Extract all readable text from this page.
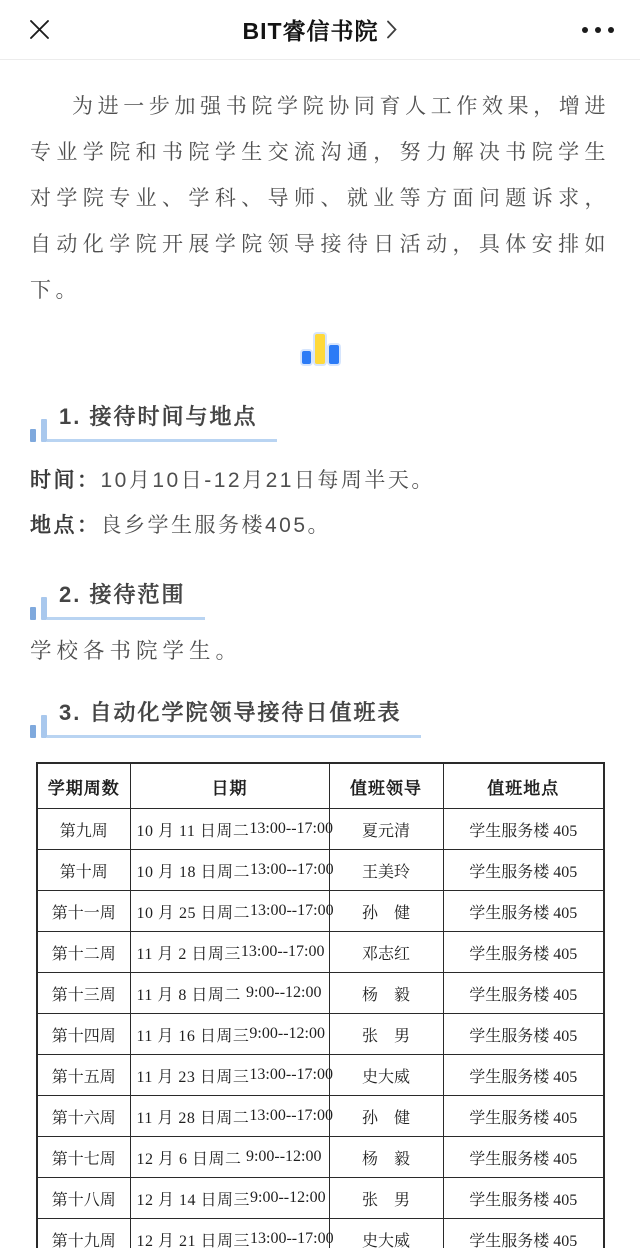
BIT睿信书院

为进一步加强书院学院协同育人工作效果，增进专业学院和书院学生交流沟通，努力解决书院学生对学院专业、学科、导师、就业等方面问题诉求，自动化学院开展学院领导接待日活动，具体安排如下。

1. 接待时间与地点
时间：10月10日-12月21日每周半天。
地点：良乡学生服务楼405。
2. 接待范围

学校各书院学生。

3. 自动化学院领导接待日值班表
学期周数	日期	值班领导	值班地点
第九周	10 月 11 日周二 13:00--17:00	夏元清	学生服务楼 405
第十周	10 月 18 日周二 13:00--17:00	王美玲	学生服务楼 405
第十一周	10 月 25 日周二 13:00--17:00	孙　健	学生服务楼 405
第十二周	11 月 2 日周三 13:00--17:00	邓志红	学生服务楼 405
第十三周	11 月 8 日周二 9:00--12:00	杨　毅	学生服务楼 405
第十四周	11 月 16 日周三 9:00--12:00	张　男	学生服务楼 405
第十五周	11 月 23 日周三 13:00--17:00	史大威	学生服务楼 405
第十六周	11 月 28 日周二 13:00--17:00	孙　健	学生服务楼 405
第十七周	12 月 6 日周二 9:00--12:00	杨　毅	学生服务楼 405
第十八周	12 月 14 日周三 9:00--12:00	张　男	学生服务楼 405
第十九周	12 月 21 日周三 13:00--17:00	史大威	学生服务楼 405
